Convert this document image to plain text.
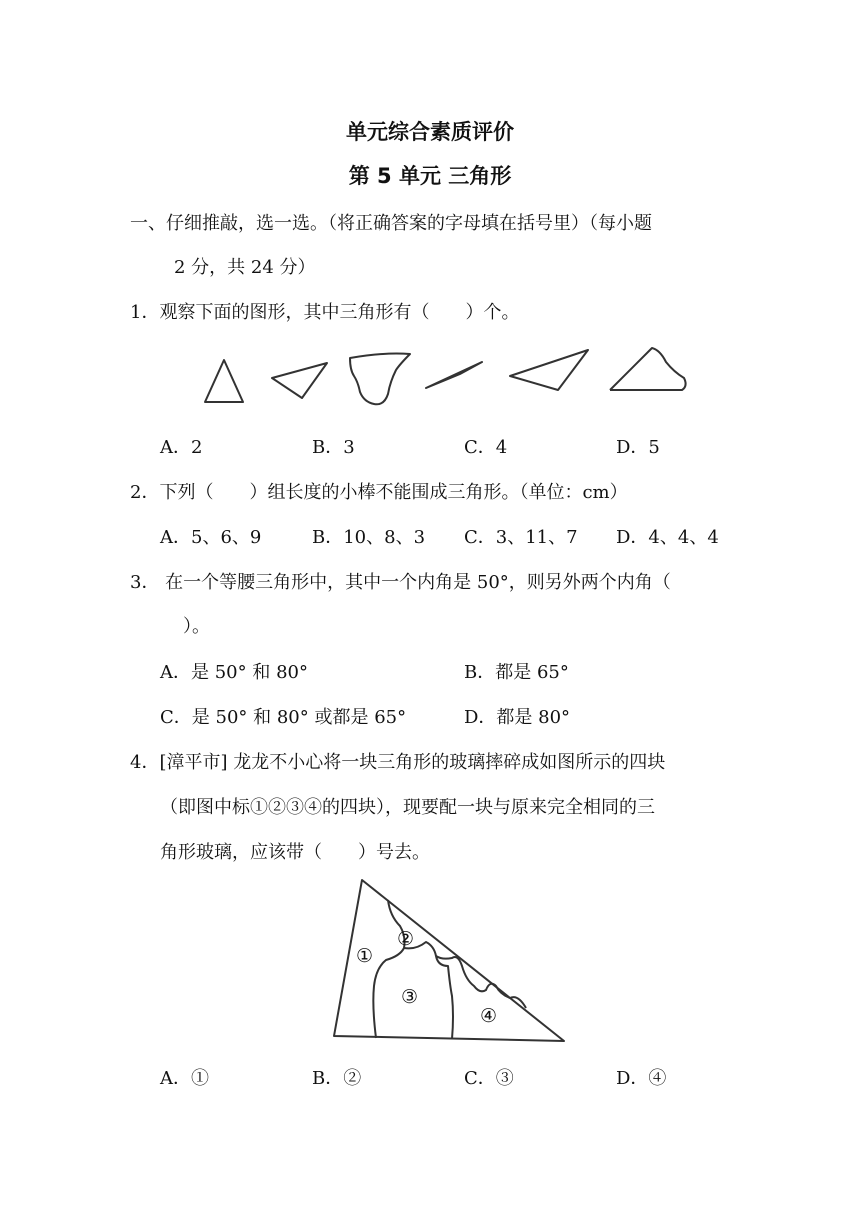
单元综合素质评价
第 5 单元 三角形
一、仔细推敲，选一选。（将正确答案的字母填在括号里）（每小题
2 分，共 24 分）
1．观察下面的图形，其中三角形有（　　）个。
A．2	B．3	C．4	D．5
2．下列（　　）组长度的小棒不能围成三角形。（单位：cm）
A．5、6、9	B．10、8、3 C．3、11、7 D．4、4、4
3． 在一个等腰三角形中，其中一个内角是 50°，则另外两个内角（
）。
A．是 50° 和 80°	B．都是 65°
C．是 50° 和 80° 或都是 65°	D．都是 80°
4．[漳平市] 龙龙不小心将一块三角形的玻璃摔碎成如图所示的四块
（即图中标①②③④的四块），现要配一块与原来完全相同的三
角形玻璃，应该带（　　）号去。
①
②
③
④
A．①	B．②	C．③	D．④
